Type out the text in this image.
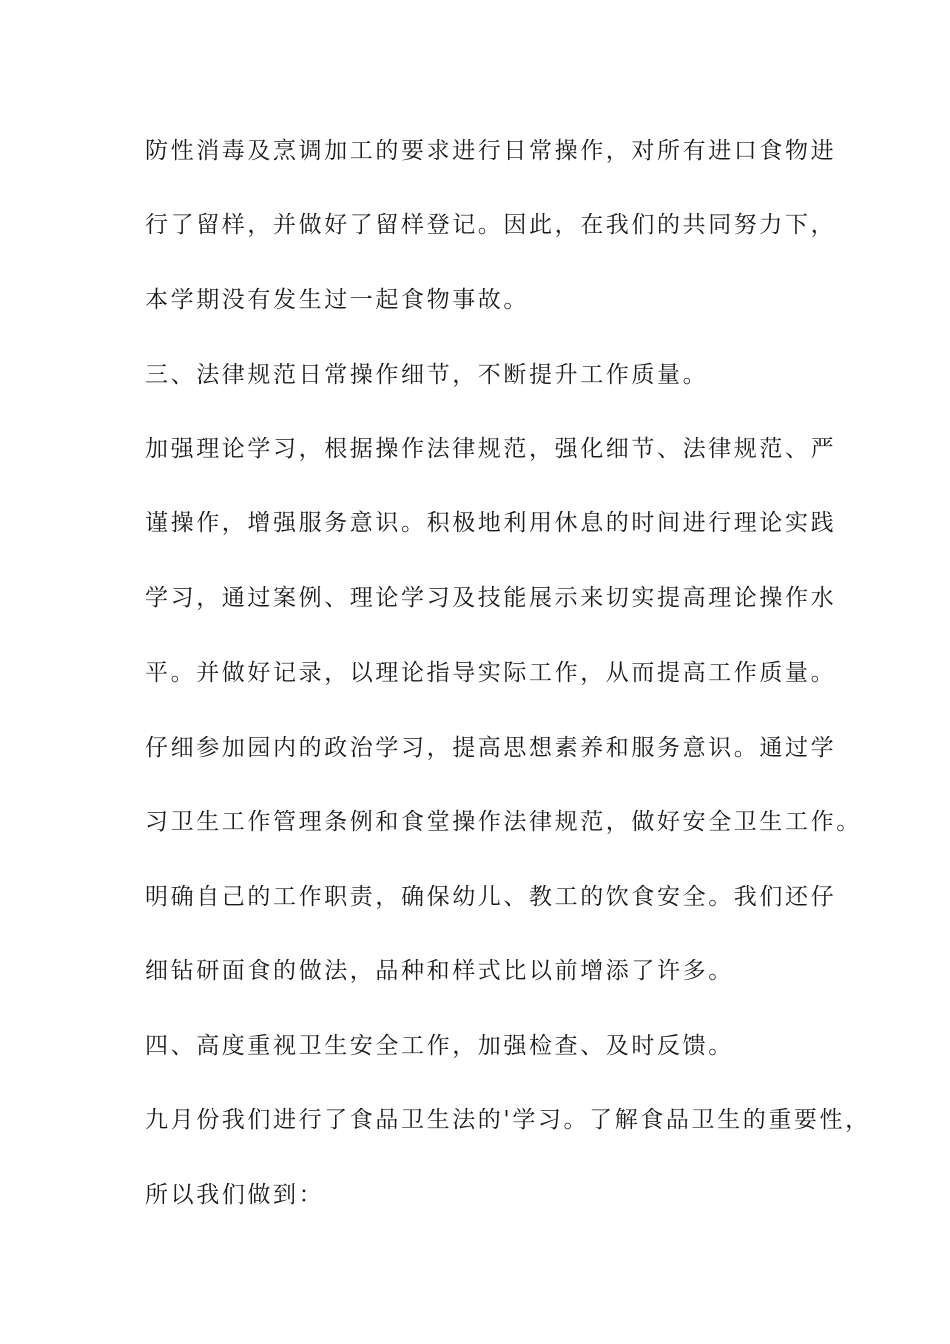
防性消毒及烹调加工的要求进行日常操作，对所有进口食物进
行了留样，并做好了留样登记。因此，在我们的共同努力下，
本学期没有发生过一起食物事故。
三、法律规范日常操作细节，不断提升工作质量。
加强理论学习，根据操作法律规范，强化细节、法律规范、严
谨操作，增强服务意识。积极地利用休息的时间进行理论实践
学习，通过案例、理论学习及技能展示来切实提高理论操作水
平。并做好记录，以理论指导实际工作，从而提高工作质量。
仔细参加园内的政治学习，提高思想素养和服务意识。通过学
习卫生工作管理条例和食堂操作法律规范，做好安全卫生工作。
明确自己的工作职责，确保幼儿、教工的饮食安全。我们还仔
细钻研面食的做法，品种和样式比以前增添了许多。
四、高度重视卫生安全工作，加强检查、及时反馈。
九月份我们进行了食品卫生法的'学习。了解食品卫生的重要性，
所以我们做到：
